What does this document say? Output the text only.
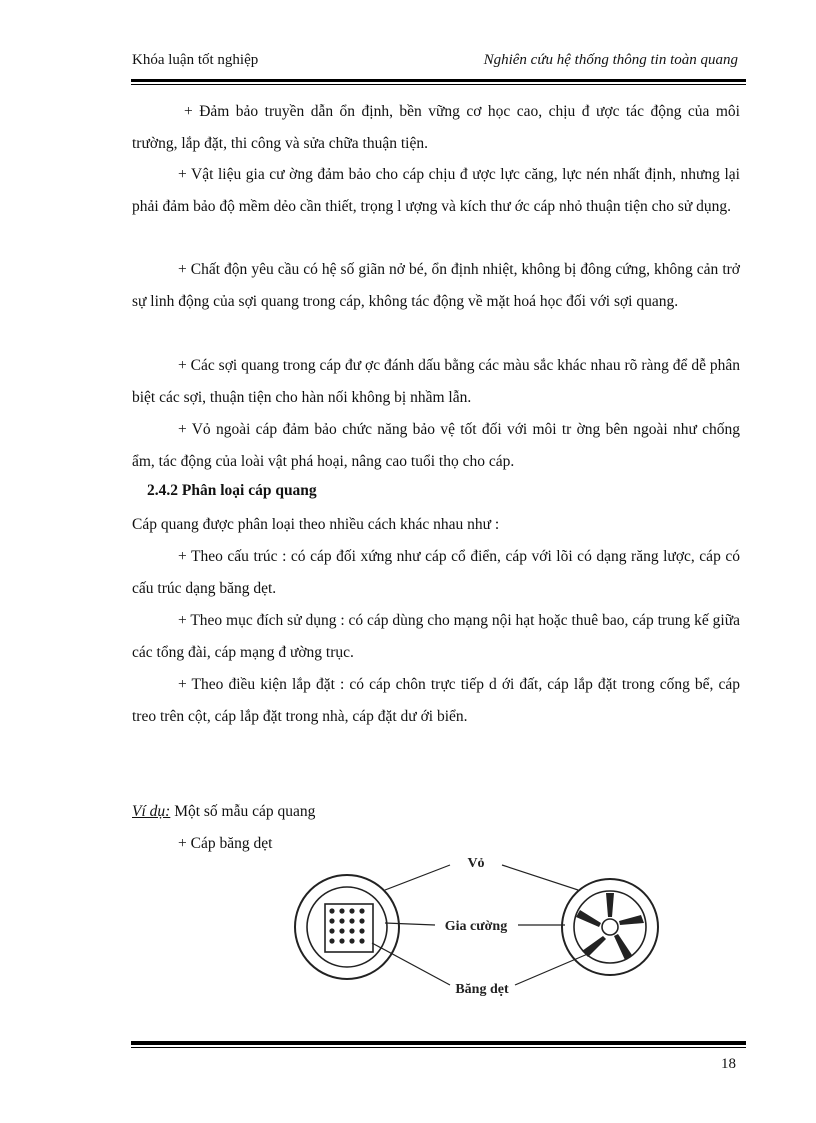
Khóa luận tốt nghiệp	Nghiên cứu hệ thống thông tin toàn quang

+ Đảm bảo truyền dẫn ổn định, bền vững cơ học cao, chịu đ ược tác động của môi trường, lắp đặt, thi công và sửa chữa thuận tiện.

+ Vật liệu gia cư ờng đảm bảo cho cáp chịu đ ược lực căng, lực nén nhất định, nhưng lại phải đảm bảo độ mềm dẻo cần thiết, trọng l ượng và kích thư ớc cáp nhỏ thuận tiện cho sử dụng.

+ Chất độn yêu cầu có hệ số giãn nở bé, ổn định nhiệt, không bị đông cứng, không cản trở sự linh động của sợi quang trong cáp, không tác động về mặt hoá học đối với sợi quang.

+ Các sợi quang trong cáp đư ợc đánh dấu bằng các màu sắc khác nhau rõ ràng để dễ phân biệt các sợi, thuận tiện cho hàn nối không bị nhầm lẫn.

+ Vỏ ngoài cáp đảm bảo chức năng bảo vệ tốt đối với môi tr ờng bên ngoài như chống ẩm, tác động của loài vật phá hoại, nâng cao tuổi thọ cho cáp.

2.4.2 Phân loại cáp quang

Cáp quang được phân loại theo nhiều cách khác nhau như :

+ Theo cấu trúc : có cáp đối xứng như cáp cổ điển, cáp với lõi có dạng răng lược, cáp có cấu trúc dạng băng dẹt.

+ Theo mục đích sử dụng : có cáp dùng cho mạng nội hạt hoặc thuê bao, cáp trung kế giữa các tổng đài, cáp mạng đ ường trục.

+ Theo điều kiện lắp đặt : có cáp chôn trực tiếp d ới đất, cáp lắp đặt trong cống bể, cáp treo trên cột, cáp lắp đặt trong nhà, cáp đặt dư ới biển.

Ví dụ: Một số mẫu cáp quang

+ Cáp băng dẹt

Vỏ
Gia cường
Băng dẹt
18
